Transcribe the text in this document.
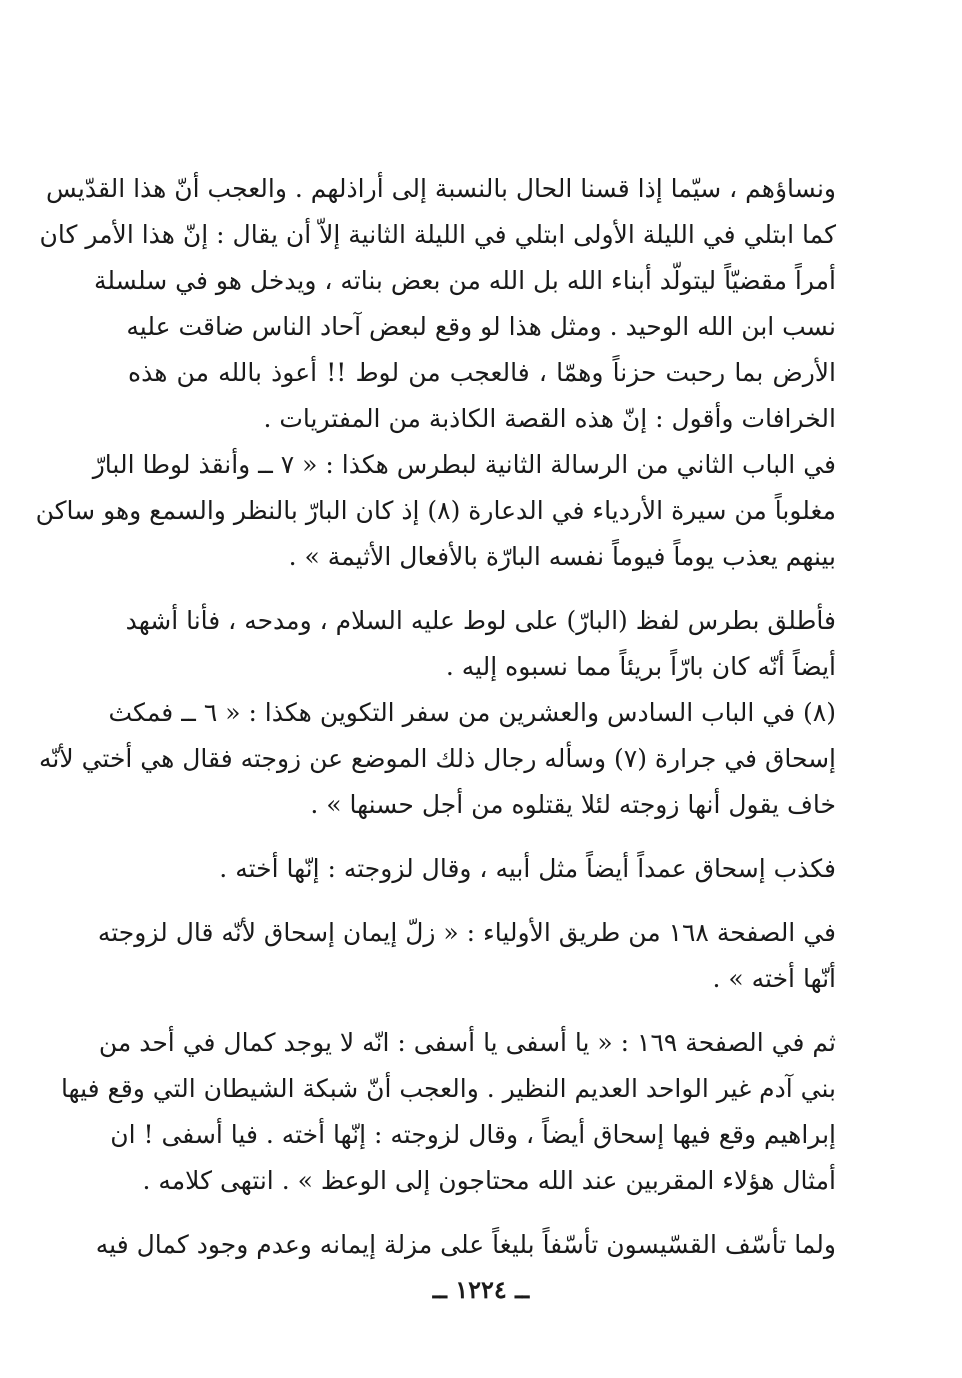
ونساؤهم ، سيّما إذا قسنا الحال بالنسبة إلى أراذلهم . والعجب أنّ هذا القدّيس
كما ابتلي في الليلة الأولى ابتلي في الليلة الثانية إلاّ أن يقال : إنّ هذا الأمر كان
أمراً مقضيّاً ليتولّد أبناء الله بل الله من بعض بناته ، ويدخل هو في سلسلة
نسب ابن الله الوحيد . ومثل هذا لو وقع لبعض آحاد الناس ضاقت عليه
الأرض بما رحبت حزناً وهمّا ، فالعجب من لوط !! أعوذ بالله من هذه
الخرافات وأقول : إنّ هذه القصة الكاذبة من المفتريات .
في الباب الثاني من الرسالة الثانية لبطرس هكذا : « ٧ ــ وأنقذ لوطا البارّ
مغلوباً من سيرة الأرديا‌ء في الدعارة (٨) إذ كان البارّ بالنظر والسمع وهو ساكن
بينهم يعذب يوماً فيوماً نفسه البارّة بالأفعال الأثيمة » .
فأطلق بطرس لفظ (البارّ) على لوط عليه السلام ، ومدحه ، فأنا أشهد
أيضاً أنّه كان بارّاً بريئاً مما نسبوه إليه .
(٨) في الباب السادس والعشرين من سفر التكوين هكذا : « ٦ ــ فمكث
إسحاق في جرارة (٧) وسأله رجال ذلك الموضع عن زوجته فقال هي أختي لأنّه
خاف يقول أنها زوجته لئلا يقتلوه من أجل حسنها » .
فكذب إسحاق عمداً أيضاً مثل أبيه ، وقال لزوجته : إنّها أخته .
في الصفحة ١٦٨ من طريق الأولياء : « زلّ إيمان إسحاق لأنّه قال لزوجته
أنّها أخته » .
ثم في الصفحة ١٦٩ : « يا أسفى يا أسفى : انّه لا يوجد كمال في أحد من
بني آدم غير الواحد العديم النظير . والعجب أنّ شبكة الشيطان التي وقع فيها
إبراهيم وقع فيها إسحاق أيضاً ، وقال لزوجته : إنّها أخته . فيا أسفى ! ان
أمثال هؤلاء المقربين عند الله محتاجون إلى الوعظ » . انتهى كلامه .
ولما تأسّف القسّيسون تأسّفاً بليغاً على مزلة إيمانه وعدم وجود كمال فيه
ــ ١٢٢٤ ــ
